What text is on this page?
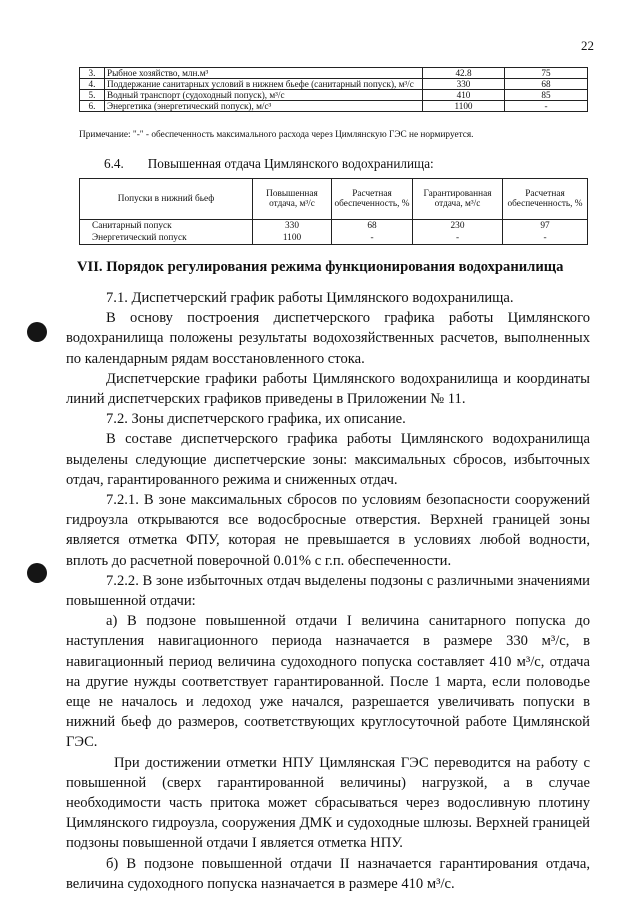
22
3.	Рыбное хозяйство, млн.м³	42.8	75
4.	Поддержание санитарных условий в нижнем бьефе (санитарный попуск), м³/с	330	68
5.	Водный транспорт (судоходный попуск), м³/с	410	85
6.	Энергетика (энергетический попуск), м/с³	1100	-
Примечание: "-" - обеспеченность максимального расхода через Цимлянскую ГЭС не нормируется.
6.4. Повышенная отдача Цимлянского водохранилища:
Попуски в нижний бьеф	Повышенная отдача, м³/с	Расчетная обеспеченность, %	Гарантированная отдача, м³/с	Расчетная обеспеченность, %
Санитарный попуск	330	68	230	97
Энергетический попуск	1100	-	-	-
VII. Порядок регулирования режима функционирования водохранилища

7.1. Диспетчерский график работы Цимлянского водохранилища.

В основу построения диспетчерского графика работы Цимлянского водохранилища положены результаты водохозяйственных расчетов, выполненных по календарным рядам восстановленного стока.

Диспетчерские графики работы Цимлянского водохранилища и координаты линий диспетчерских графиков приведены в Приложении № 11.

7.2. Зоны диспетчерского графика, их описание.

В составе диспетчерского графика работы Цимлянского водохранилища выделены следующие диспетчерские зоны: максимальных сбросов, избыточных отдач, гарантированного режима и сниженных отдач.

7.2.1. В зоне максимальных сбросов по условиям безопасности сооружений гидроузла открываются все водосбросные отверстия. Верхней границей зоны является отметка ФПУ, которая не превышается в условиях любой водности, вплоть до расчетной поверочной 0.01% с г.п. обеспеченности.

7.2.2. В зоне избыточных отдач выделены подзоны с различными значениями повышенной отдачи:

а) В подзоне повышенной отдачи I величина санитарного попуска до наступления навигационного периода назначается в размере 330 м³/с, в навигационный период величина судоходного попуска составляет 410 м³/с, отдача на другие нужды соответствует гарантированной. После 1 марта, если половодье еще не началось и ледоход уже начался, разрешается увеличивать попуски в нижний бьеф до размеров, соответствующих круглосуточной работе Цимлянской ГЭС.

При достижении отметки НПУ Цимлянская ГЭС переводится на работу с повышенной (сверх гарантированной величины) нагрузкой, а в случае необходимости часть притока может сбрасываться через водосливную плотину Цимлянского гидроузла, сооружения ДМК и судоходные шлюзы. Верхней границей подзоны повышенной отдачи I является отметка НПУ.

б) В подзоне повышенной отдачи II назначается гарантирования отдача, величина судоходного попуска назначается в размере 410 м³/с.
